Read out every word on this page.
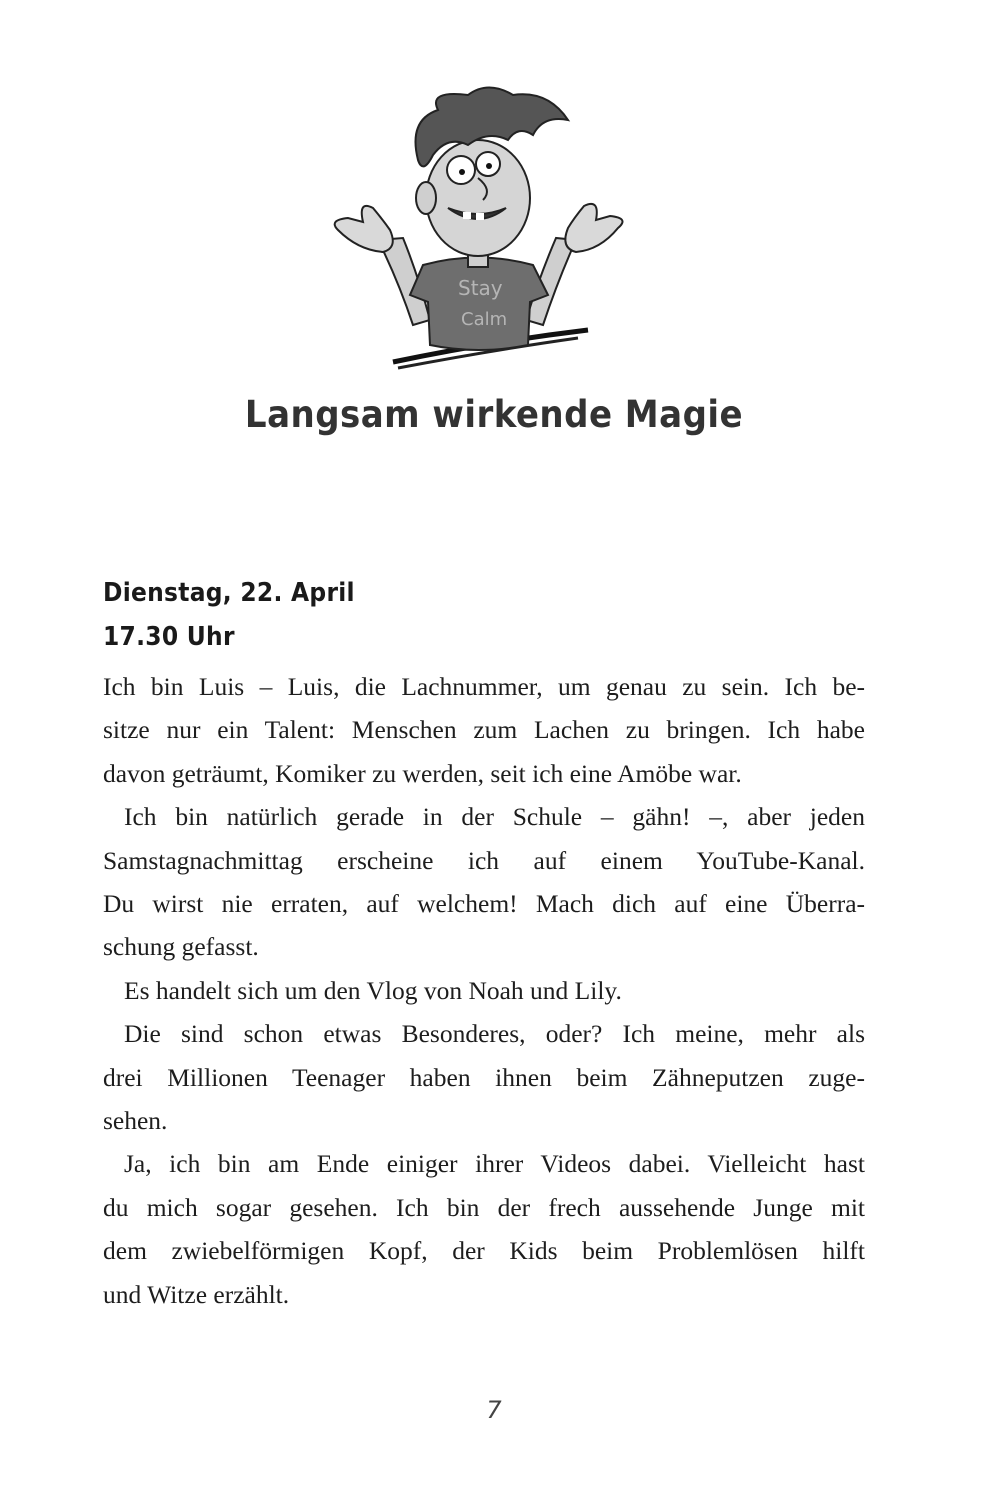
Stay
Calm
Langsam wirkende Magie
Dienstag, 22. April
17.30 Uhr
Ich bin Luis – Luis, die Lachnummer, um genau zu sein. Ich be-
sitze nur ein Talent: Menschen zum Lachen zu bringen. Ich habe
davon geträumt, Komiker zu werden, seit ich eine Amöbe war.
Ich bin natürlich gerade in der Schule – gähn! –, aber jeden
Samstagnachmittag erscheine ich auf einem YouTube-Kanal.
Du wirst nie erraten, auf welchem! Mach dich auf eine Überra-
schung gefasst.
Es handelt sich um den Vlog von Noah und Lily.
Die sind schon etwas Besonderes, oder? Ich meine, mehr als
drei Millionen Teenager haben ihnen beim Zähneputzen zuge-
sehen.
Ja, ich bin am Ende einiger ihrer Videos dabei. Vielleicht hast
du mich sogar gesehen. Ich bin der frech aussehende Junge mit
dem zwiebelförmigen Kopf, der Kids beim Problemlösen hilft
und Witze erzählt.
7
